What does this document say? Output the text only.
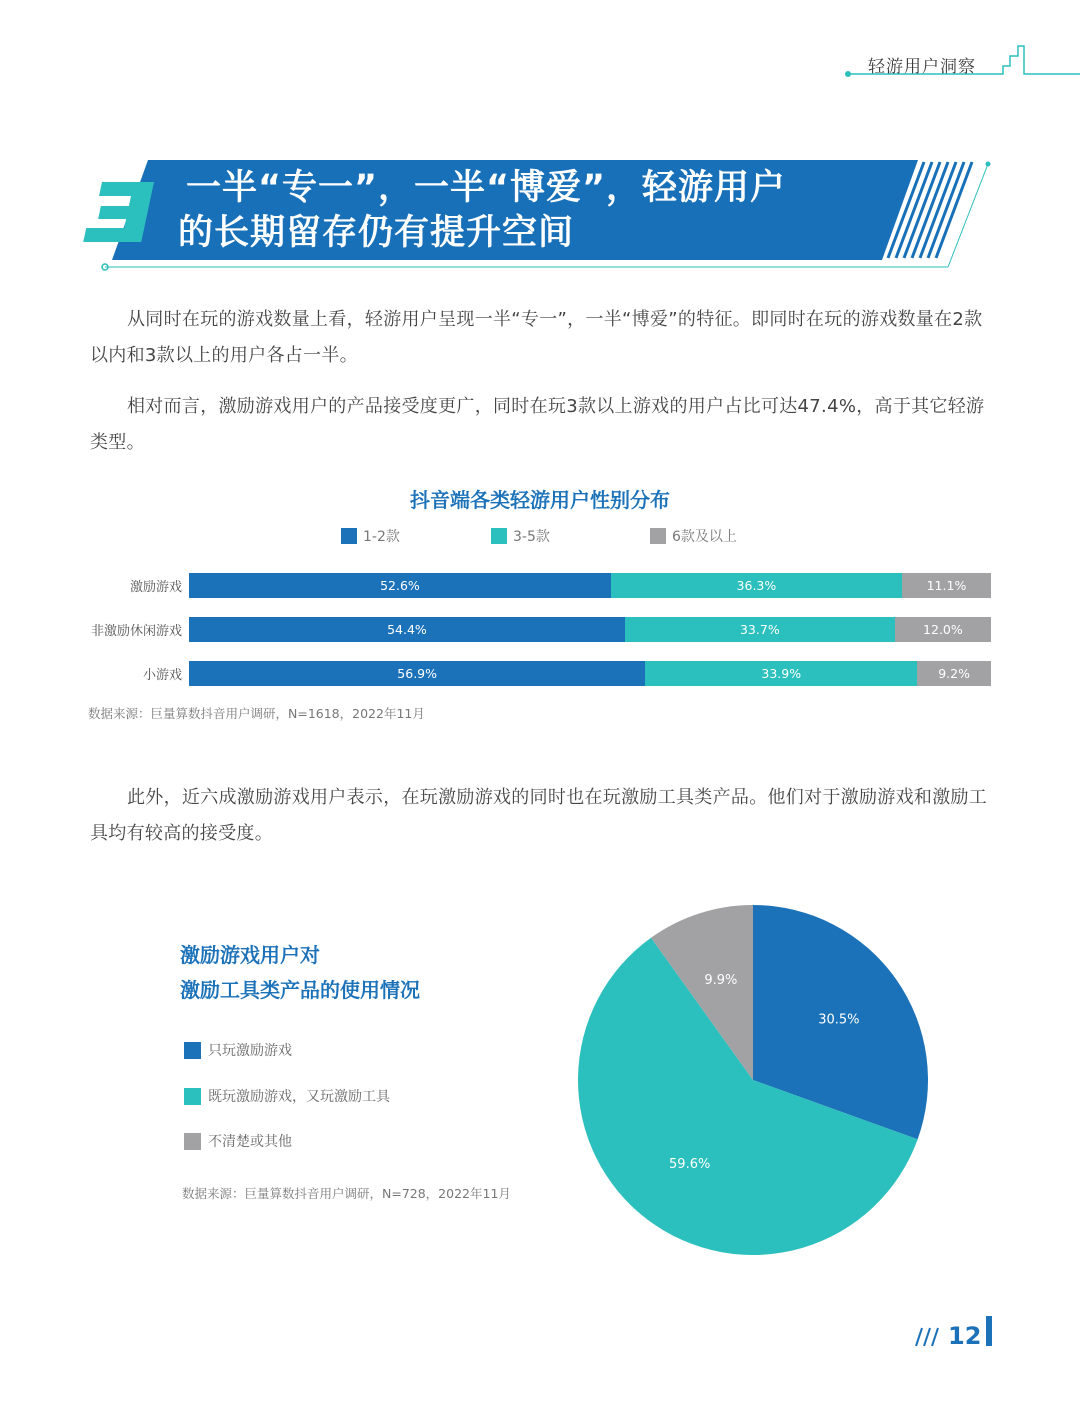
轻游用户洞察
一半“专一”，一半“博爱”，轻游用户
的长期留存仍有提升空间
从同时在玩的游戏数量上看，轻游用户呈现一半“专一”，一半“博爱”的特征。即同时在玩的游戏数量在2款以内和3款以上的用户各占一半。
相对而言，激励游戏用户的产品接受度更广，同时在玩3款以上游戏的用户占比可达47.4%，高于其它轻游类型。
抖音端各类轻游用户性别分布
1-2款	3-5款	6款及以上
激励游戏
非激励休闲游戏
小游戏
52.6%	36.3%	11.1%
54.4%	33.7%	12.0%
56.9%	33.9%	9.2%
数据来源：巨量算数抖音用户调研，N=1618，2022年11月
此外，近六成激励游戏用户表示，在玩激励游戏的同时也在玩激励工具类产品。他们对于激励游戏和激励工具均有较高的接受度。
激励游戏用户对
激励工具类产品的使用情况
只玩激励游戏
既玩激励游戏，又玩激励工具
不清楚或其他
数据来源：巨量算数抖音用户调研，N=728，2022年11月
30.5%
59.6%
9.9%
12
